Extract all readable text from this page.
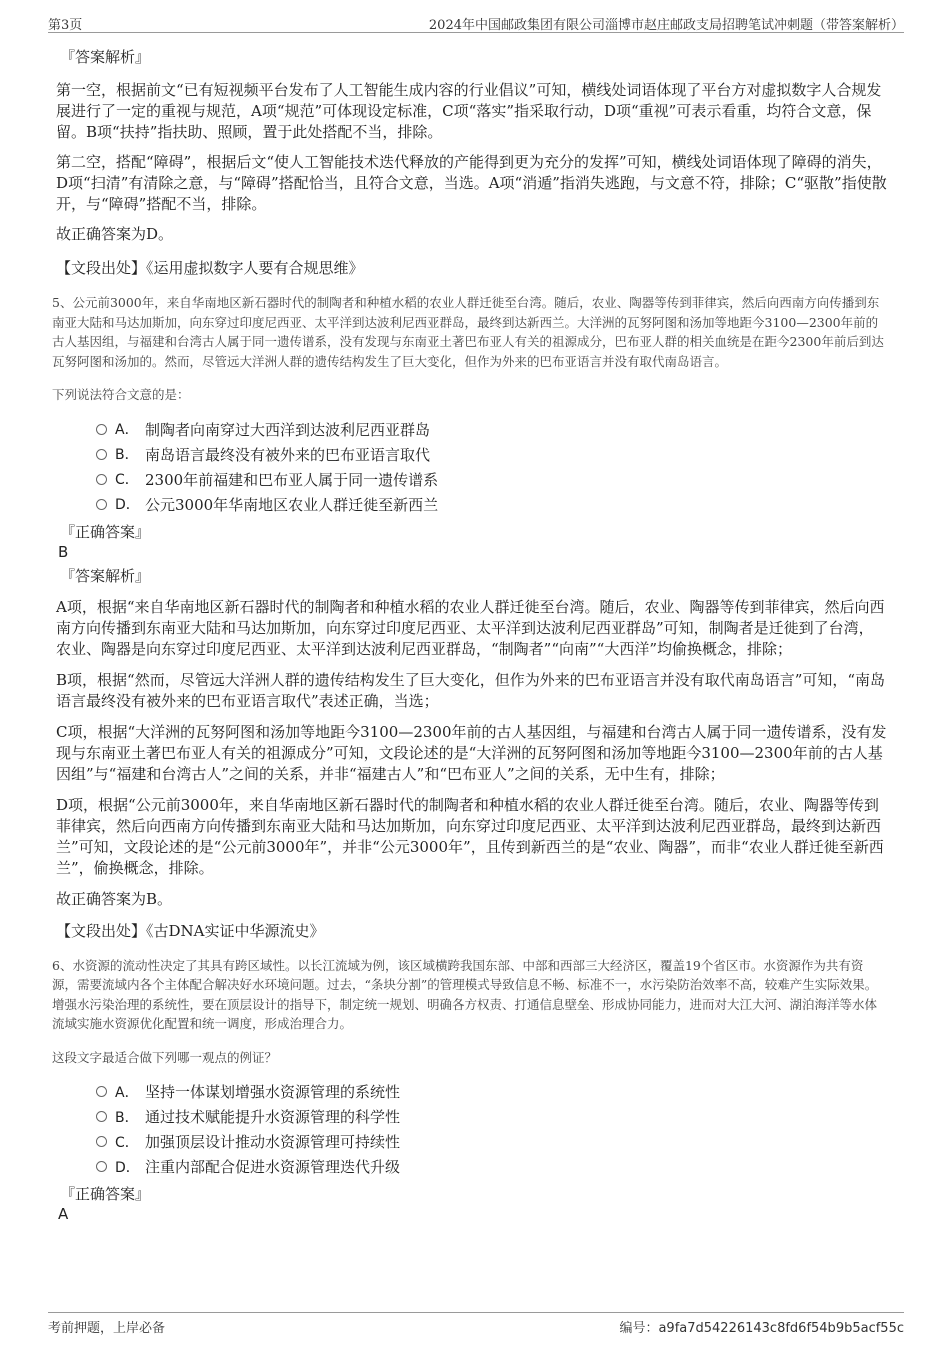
第3页	2024年中国邮政集团有限公司淄博市赵庄邮政支局招聘笔试冲刺题（带答案解析）
『答案解析』

第一空，根据前文“已有短视频平台发布了人工智能生成内容的行业倡议”可知，横线处词语体现了平台方对虚拟数字人合规发展进行了一定的重视与规范，A项“规范”可体现设定标准，C项“落实”指采取行动，D项“重视”可表示看重，均符合文意，保留。B项“扶持”指扶助、照顾，置于此处搭配不当，排除。

第二空，搭配“障碍”，根据后文“使人工智能技术迭代释放的产能得到更为充分的发挥”可知，横线处词语体现了障碍的消失，D项“扫清”有清除之意，与“障碍”搭配恰当，且符合文意，当选。A项“消遁”指消失逃跑，与文意不符，排除；C“驱散”指使散开，与“障碍”搭配不当，排除。

故正确答案为D。

【文段出处】《运用虚拟数字人要有合规思维》

5、公元前3000年，来自华南地区新石器时代的制陶者和种植水稻的农业人群迁徙至台湾。随后，农业、陶器等传到菲律宾，然后向西南方向传播到东南亚大陆和马达加斯加，向东穿过印度尼西亚、太平洋到达波利尼西亚群岛，最终到达新西兰。大洋洲的瓦努阿图和汤加等地距今3100—2300年前的古人基因组，与福建和台湾古人属于同一遗传谱系，没有发现与东南亚土著巴布亚人有关的祖源成分，巴布亚人群的相关血统是在距今2300年前后到达瓦努阿图和汤加的。然而，尽管远大洋洲人群的遗传结构发生了巨大变化，但作为外来的巴布亚语言并没有取代南岛语言。

下列说法符合文意的是：

A． 制陶者向南穿过大西洋到达波利尼西亚群岛
B． 南岛语言最终没有被外来的巴布亚语言取代
C． 2300年前福建和巴布亚人属于同一遗传谱系
D． 公元3000年华南地区农业人群迁徙至新西兰
『正确答案』
B
『答案解析』

A项，根据“来自华南地区新石器时代的制陶者和种植水稻的农业人群迁徙至台湾。随后，农业、陶器等传到菲律宾，然后向西南方向传播到东南亚大陆和马达加斯加，向东穿过印度尼西亚、太平洋到达波利尼西亚群岛”可知，制陶者是迁徙到了台湾，农业、陶器是向东穿过印度尼西亚、太平洋到达波利尼西亚群岛，“制陶者”“向南”“大西洋”均偷换概念，排除；

B项，根据“然而，尽管远大洋洲人群的遗传结构发生了巨大变化，但作为外来的巴布亚语言并没有取代南岛语言”可知，“南岛语言最终没有被外来的巴布亚语言取代”表述正确，当选；

C项，根据“大洋洲的瓦努阿图和汤加等地距今3100—2300年前的古人基因组，与福建和台湾古人属于同一遗传谱系，没有发现与东南亚土著巴布亚人有关的祖源成分”可知，文段论述的是“大洋洲的瓦努阿图和汤加等地距今3100—2300年前的古人基因组”与“福建和台湾古人”之间的关系，并非“福建古人”和“巴布亚人”之间的关系，无中生有，排除；

D项，根据“公元前3000年，来自华南地区新石器时代的制陶者和种植水稻的农业人群迁徙至台湾。随后，农业、陶器等传到菲律宾，然后向西南方向传播到东南亚大陆和马达加斯加，向东穿过印度尼西亚、太平洋到达波利尼西亚群岛，最终到达新西兰”可知，文段论述的是“公元前3000年”，并非“公元3000年”，且传到新西兰的是“农业、陶器”，而非“农业人群迁徙至新西兰”，偷换概念，排除。

故正确答案为B。

【文段出处】《古DNA实证中华源流史》

6、水资源的流动性决定了其具有跨区域性。以长江流域为例，该区域横跨我国东部、中部和西部三大经济区，覆盖19个省区市。水资源作为共有资源，需要流域内各个主体配合解决好水环境问题。过去，“条块分割”的管理模式导致信息不畅、标准不一，水污染防治效率不高，较难产生实际效果。增强水污染治理的系统性，要在顶层设计的指导下，制定统一规划、明确各方权责、打通信息壁垒、形成协同能力，进而对大江大河、湖泊海洋等水体流域实施水资源优化配置和统一调度，形成治理合力。

这段文字最适合做下列哪一观点的例证？

A． 坚持一体谋划增强水资源管理的系统性
B． 通过技术赋能提升水资源管理的科学性
C． 加强顶层设计推动水资源管理可持续性
D． 注重内部配合促进水资源管理迭代升级
『正确答案』
A
考前押题，上岸必备	编号：a9fa7d54226143c8fd6f54b9b5acf55c
